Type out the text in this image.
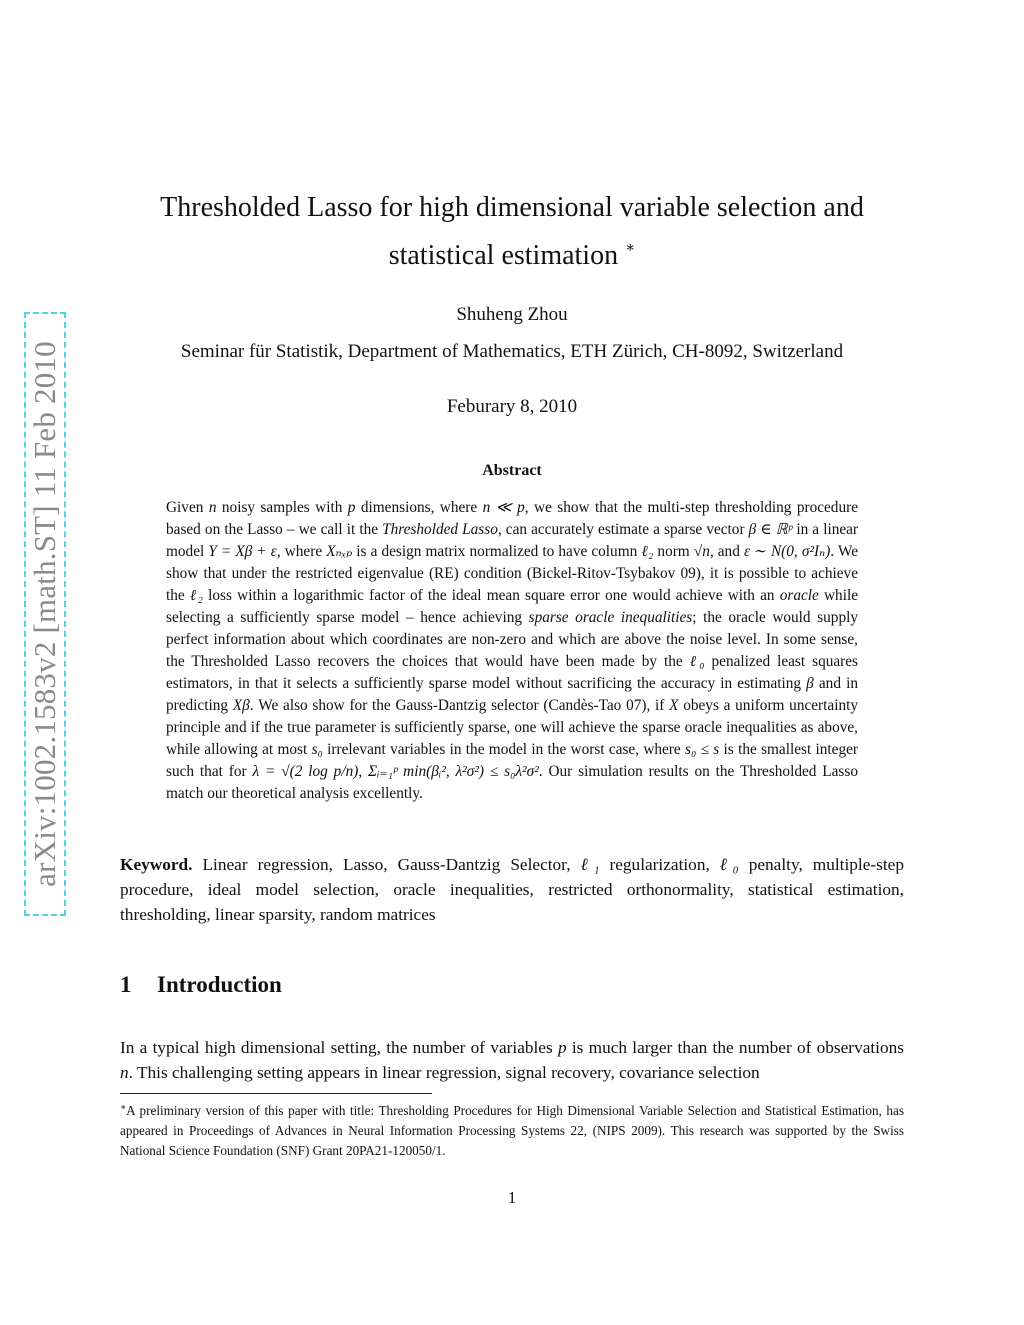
arXiv:1002.1583v2 [math.ST] 11 Feb 2010
Thresholded Lasso for high dimensional variable selection and statistical estimation ∗
Shuheng Zhou
Seminar für Statistik, Department of Mathematics, ETH Zürich, CH-8092, Switzerland
Feburary 8, 2010
Abstract
Given n noisy samples with p dimensions, where n ≪ p, we show that the multi-step thresholding procedure based on the Lasso – we call it the Thresholded Lasso, can accurately estimate a sparse vector β ∈ ℝᵖ in a linear model Y = Xβ + ε, where Xₙₓₚ is a design matrix normalized to have column ℓ₂ norm √n, and ε ∼ N(0, σ²Iₙ). We show that under the restricted eigenvalue (RE) condition (Bickel-Ritov-Tsybakov 09), it is possible to achieve the ℓ₂ loss within a logarithmic factor of the ideal mean square error one would achieve with an oracle while selecting a sufficiently sparse model – hence achieving sparse oracle inequalities; the oracle would supply perfect information about which coordinates are non-zero and which are above the noise level. In some sense, the Thresholded Lasso recovers the choices that would have been made by the ℓ₀ penalized least squares estimators, in that it selects a sufficiently sparse model without sacrificing the accuracy in estimating β and in predicting Xβ. We also show for the Gauss-Dantzig selector (Candès-Tao 07), if X obeys a uniform uncertainty principle and if the true parameter is sufficiently sparse, one will achieve the sparse oracle inequalities as above, while allowing at most s₀ irrelevant variables in the model in the worst case, where s₀ ≤ s is the smallest integer such that for λ = √(2 log p/n), Σᵢ₌₁ᵖ min(βᵢ², λ²σ²) ≤ s₀λ²σ². Our simulation results on the Thresholded Lasso match our theoretical analysis excellently.
Keyword. Linear regression, Lasso, Gauss-Dantzig Selector, ℓ₁ regularization, ℓ₀ penalty, multiple-step procedure, ideal model selection, oracle inequalities, restricted orthonormality, statistical estimation, thresholding, linear sparsity, random matrices
1 Introduction
In a typical high dimensional setting, the number of variables p is much larger than the number of observations n. This challenging setting appears in linear regression, signal recovery, covariance selection
∗A preliminary version of this paper with title: Thresholding Procedures for High Dimensional Variable Selection and Statistical Estimation, has appeared in Proceedings of Advances in Neural Information Processing Systems 22, (NIPS 2009). This research was supported by the Swiss National Science Foundation (SNF) Grant 20PA21-120050/1.
1
